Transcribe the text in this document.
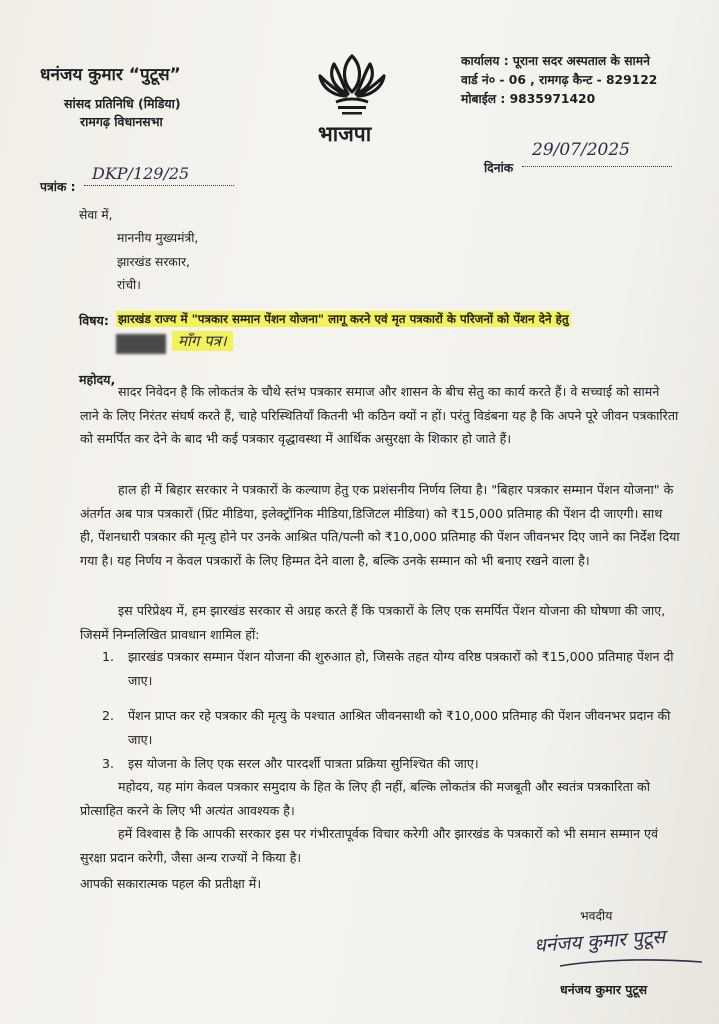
धनंजय कुमार “पुटूस”
सांसद प्रतिनिधि (मिडिया)
रामगढ़ विधानसभा
भाजपा
कार्यालय : पूराना सदर अस्पताल के सामने
वार्ड नं० - 06 , रामगढ़ कैन्ट - 829122
मोबाईल : 9835971420
पत्रांक :
DKP/129/25	दिनांक
29/07/2025
सेवा में,
माननीय मुख्यमंत्री,
झारखंड सरकार,
रांची।
विषय: झारखंड राज्य में "पत्रकार सम्मान पेंशन योजना" लागू करने एवं मृत पत्रकारों के परिजनों को पेंशन देने हेतु
माँग पत्र।
महोदय,
सादर निवेदन है कि लोकतंत्र के चौथे स्तंभ पत्रकार समाज और शासन के बीच सेतु का कार्य करते हैं। वे सच्चाई को सामने लाने के लिए निरंतर संघर्ष करते हैं, चाहे परिस्थितियाँ कितनी भी कठिन क्यों न हों। परंतु विडंबना यह है कि अपने पूरे जीवन पत्रकारिता को समर्पित कर देने के बाद भी कई पत्रकार वृद्धावस्था में आर्थिक असुरक्षा के शिकार हो जाते हैं।
हाल ही में बिहार सरकार ने पत्रकारों के कल्याण हेतु एक प्रशंसनीय निर्णय लिया है। "बिहार पत्रकार सम्मान पेंशन योजना" के अंतर्गत अब पात्र पत्रकारों (प्रिंट मीडिया, इलेक्ट्रॉनिक मीडिया,डिजिटल मीडिया) को ₹15,000 प्रतिमाह की पेंशन दी जाएगी। साथ ही, पेंशनधारी पत्रकार की मृत्यु होने पर उनके आश्रित पति/पत्नी को ₹10,000 प्रतिमाह की पेंशन जीवनभर दिए जाने का निर्देश दिया गया है। यह निर्णय न केवल पत्रकारों के लिए हिम्मत देने वाला है, बल्कि उनके सम्मान को भी बनाए रखने वाला है।
इस परिप्रेक्ष्य में, हम झारखंड सरकार से अग्रह करते हैं कि पत्रकारों के लिए एक समर्पित पेंशन योजना की घोषणा की जाए, जिसमें निम्नलिखित प्रावधान शामिल हों:
1.	झारखंड पत्रकार सम्मान पेंशन योजना की शुरुआत हो, जिसके तहत योग्य वरिष्ठ पत्रकारों को ₹15,000 प्रतिमाह पेंशन दी जाए।
2.	पेंशन प्राप्त कर रहे पत्रकार की मृत्यु के पश्चात आश्रित जीवनसाथी को ₹10,000 प्रतिमाह की पेंशन जीवनभर प्रदान की जाए।
3.	इस योजना के लिए एक सरल और पारदर्शी पात्रता प्रक्रिया सुनिश्चित की जाए।
महोदय, यह मांग केवल पत्रकार समुदाय के हित के लिए ही नहीं, बल्कि लोकतंत्र की मजबूती और स्वतंत्र पत्रकारिता को प्रोत्साहित करने के लिए भी अत्यंत आवश्यक है।
हमें विश्वास है कि आपकी सरकार इस पर गंभीरतापूर्वक विचार करेगी और झारखंड के पत्रकारों को भी समान सम्मान एवं सुरक्षा प्रदान करेगी, जैसा अन्य राज्यों ने किया है।
आपकी सकारात्मक पहल की प्रतीक्षा में।
भवदीय
धनंजय कुमार पुटूस
धनंजय कुमार पुटूस
